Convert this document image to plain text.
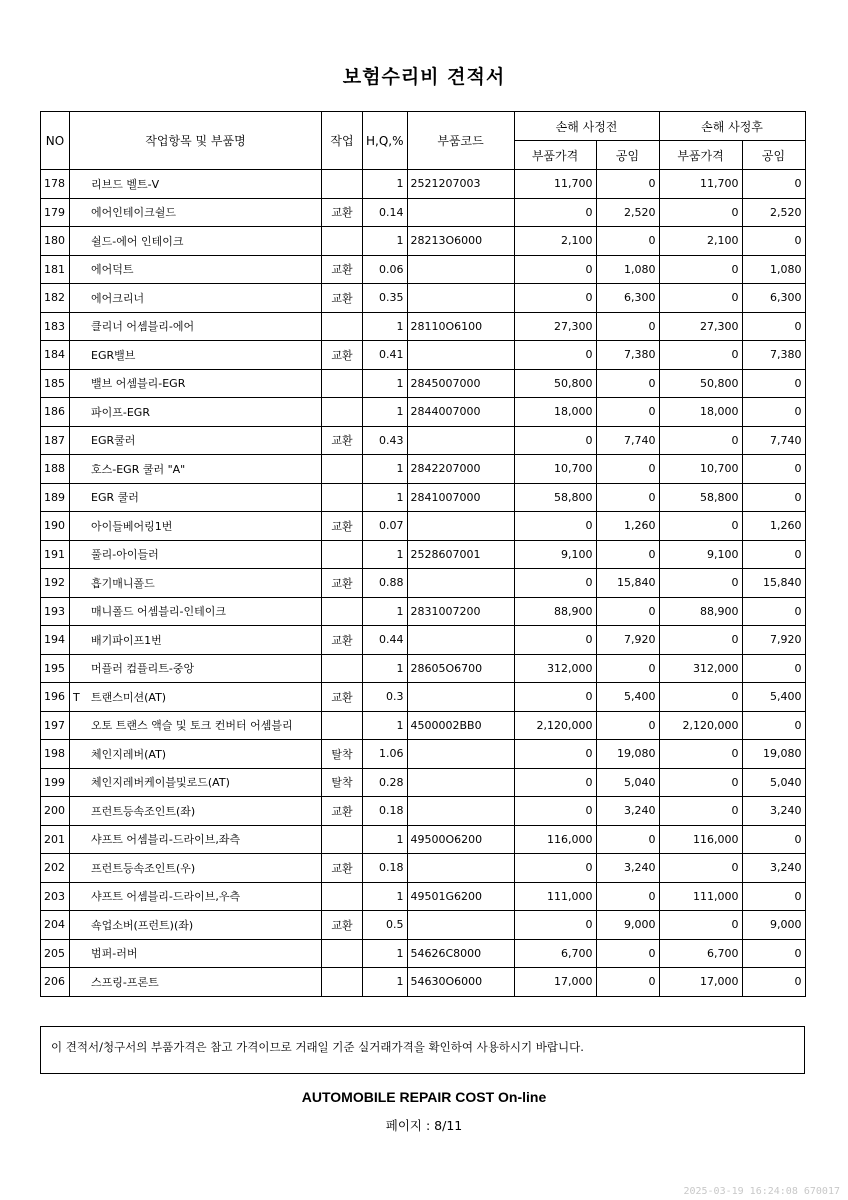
보험수리비 견적서
NO	작업항목 및 부품명	작업	H,Q,%	부품코드	손해 사정전		손해 사정후	
					부품가격	공임	부품가격	공임
178	리브드 벨트-V		1	2521207003	11,700	0	11,700	0
179	에어인테이크쉴드	교환	0.14		0	2,520	0	2,520
180	쉴드-에어 인테이크		1	28213O6000	2,100	0	2,100	0
181	에어덕트	교환	0.06		0	1,080	0	1,080
182	에어크리너	교환	0.35		0	6,300	0	6,300
183	클리너 어셈블리-에어		1	28110O6100	27,300	0	27,300	0
184	EGR밸브	교환	0.41		0	7,380	0	7,380
185	밸브 어셈블리-EGR		1	2845007000	50,800	0	50,800	0
186	파이프-EGR		1	2844007000	18,000	0	18,000	0
187	EGR쿨러	교환	0.43		0	7,740	0	7,740
188	호스-EGR 쿨러 "A"		1	2842207000	10,700	0	10,700	0
189	EGR 쿨러		1	2841007000	58,800	0	58,800	0
190	아이들베어링1번	교환	0.07		0	1,260	0	1,260
191	풀리-아이들러		1	2528607001	9,100	0	9,100	0
192	흡기매니폴드	교환	0.88		0	15,840	0	15,840
193	매니폴드 어셈블리-인테이크		1	2831007200	88,900	0	88,900	0
194	배기파이프1번	교환	0.44		0	7,920	0	7,920
195	머플러 컴플리트-중앙		1	28605O6700	312,000	0	312,000	0
196	T 트랜스미션(AT)	교환	0.3		0	5,400	0	5,400
197	오토 트랜스 액슬 및 토크 컨버터 어셈블리		1	4500002BB0	2,120,000	0	2,120,000	0
198	체인지레버(AT)	탈착	1.06		0	19,080	0	19,080
199	체인지레버케이블및로드(AT)	탈착	0.28		0	5,040	0	5,040
200	프런트등속조인트(좌)	교환	0.18		0	3,240	0	3,240
201	샤프트 어셈블리-드라이브,좌측		1	49500O6200	116,000	0	116,000	0
202	프런트등속조인트(우)	교환	0.18		0	3,240	0	3,240
203	샤프트 어셈블리-드라이브,우측		1	49501G6200	111,000	0	111,000	0
204	쇽업소버(프런트)(좌)	교환	0.5		0	9,000	0	9,000
205	범퍼-러버		1	54626C8000	6,700	0	6,700	0
206	스프링-프론트		1	54630O6000	17,000	0	17,000	0
이 견적서/청구서의 부품가격은 참고 가격이므로 거래일 기준 실거래가격을 확인하여 사용하시기 바랍니다.
AUTOMOBILE REPAIR COST On-line
페이지 : 8/11
2025-03-19 16:24:08 670017
